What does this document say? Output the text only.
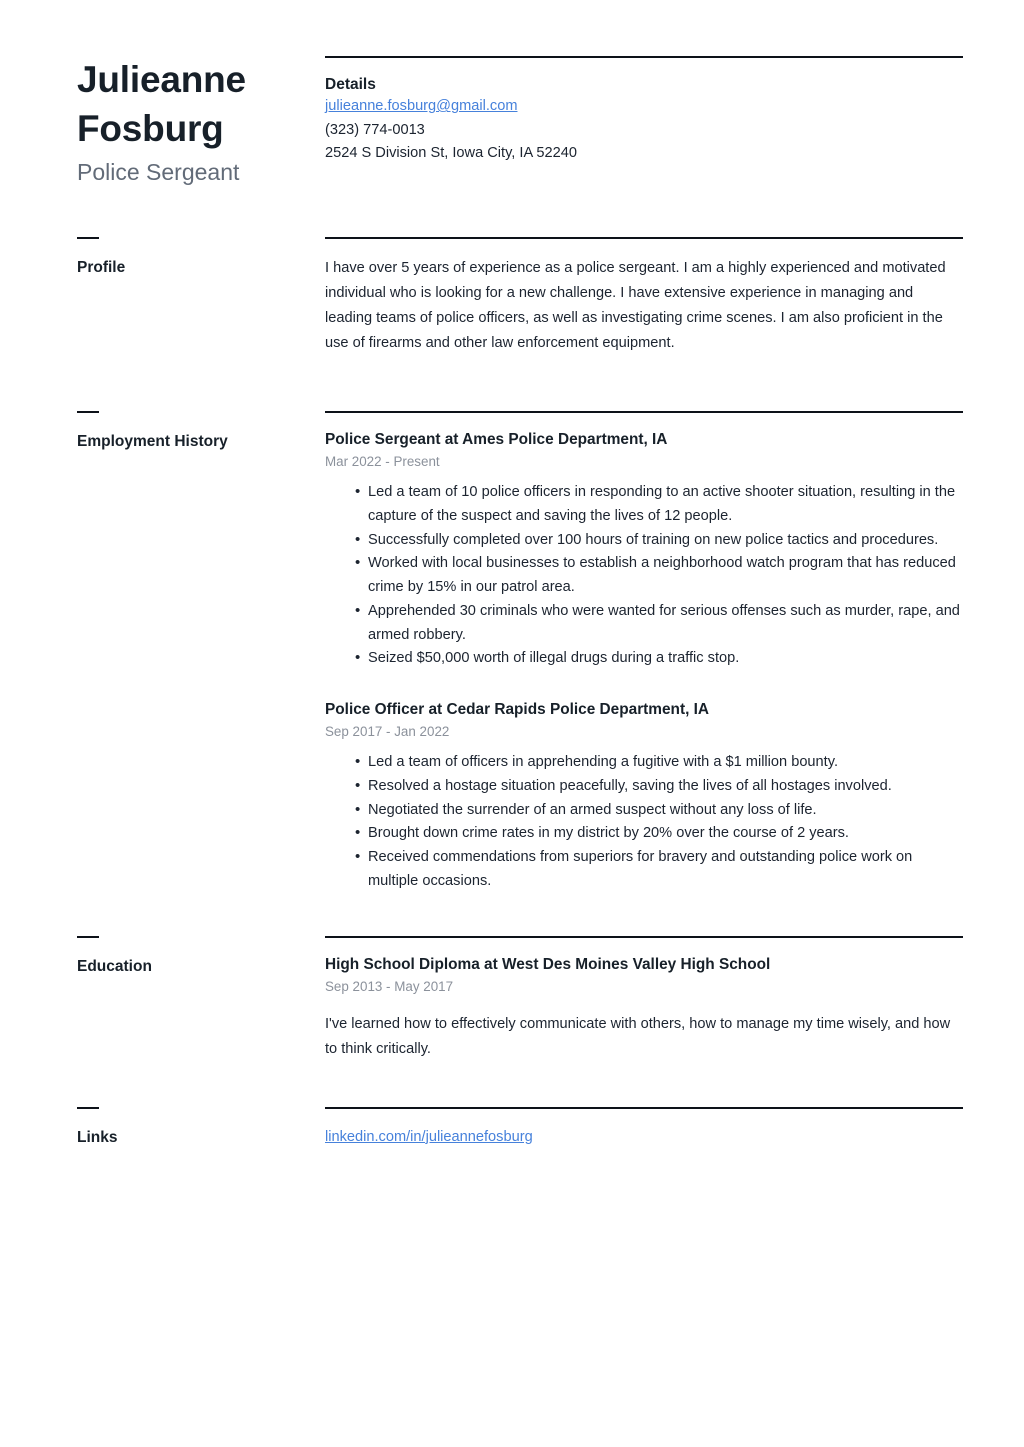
Julieanne
Fosburg
Police Sergeant
Details
julieanne.fosburg@gmail.com
(323) 774-0013
2524 S Division St, Iowa City, IA 52240
Profile	I have over 5 years of experience as a police sergeant. I am a highly experienced and motivated individual who is looking for a new challenge. I have extensive experience in managing and leading teams of police officers, as well as investigating crime scenes. I am also proficient in the use of firearms and other law enforcement equipment.
Employment History	Police Sergeant at Ames Police Department, IA
Mar 2022 - Present
• Led a team of 10 police officers in responding to an active shooter situation, resulting in the capture of the suspect and saving the lives of 12 people.
• Successfully completed over 100 hours of training on new police tactics and procedures.
• Worked with local businesses to establish a neighborhood watch program that has reduced crime by 15% in our patrol area.
• Apprehended 30 criminals who were wanted for serious offenses such as murder, rape, and armed robbery.
• Seized $50,000 worth of illegal drugs during a traffic stop.
Police Officer at Cedar Rapids Police Department, IA
Sep 2017 - Jan 2022
• Led a team of officers in apprehending a fugitive with a $1 million bounty.
• Resolved a hostage situation peacefully, saving the lives of all hostages involved.
• Negotiated the surrender of an armed suspect without any loss of life.
• Brought down crime rates in my district by 20% over the course of 2 years.
• Received commendations from superiors for bravery and outstanding police work on multiple occasions.
Education	High School Diploma at West Des Moines Valley High School
Sep 2013 - May 2017
I've learned how to effectively communicate with others, how to manage my time wisely, and how to think critically.
Links	linkedin.com/in/julieannefosburg
